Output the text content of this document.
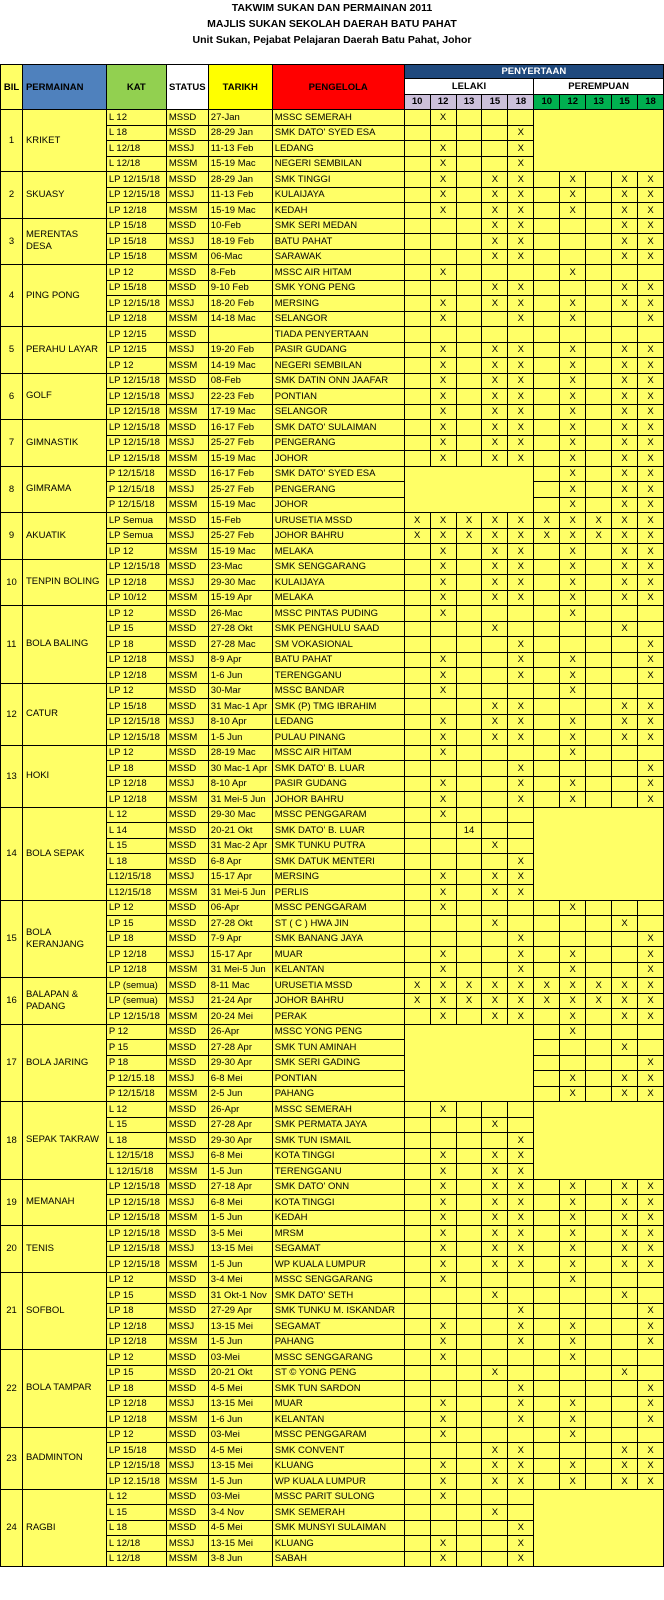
TAKWIM SUKAN DAN PERMAINAN 2011
MAJLIS SUKAN SEKOLAH DAERAH BATU PAHAT
Unit Sukan, Pejabat Pelajaran Daerah Batu Pahat, Johor
BIL	PERMAINAN	KAT	STATUS	TARIKH	PENGELOLA	PENYERTAAN									
						LELAKI					PEREMPUAN				
						10	12	13	15	18	10	12	13	15	18
1	KRIKET	L 12	MSSD	27-Jan	MSSC SEMERAH		X								
		L 18	MSSD	28-29 Jan	SMK DATO' SYED ESA					X					
		L 12/18	MSSJ	11-13 Feb	LEDANG		X			X					
		L 12/18	MSSM	15-19 Mac	NEGERI SEMBILAN		X			X					
2	SKUASY	LP 12/15/18	MSSD	28-29 Jan	SMK TINGGI		X		X	X		X		X	X
		LP 12/15/18	MSSJ	11-13 Feb	KULAIJAYA		X		X	X		X		X	X
		LP 12/18	MSSM	15-19 Mac	KEDAH		X		X	X		X		X	X
3	MERENTAS DESA	LP 15/18	MSSD	10-Feb	SMK SERI MEDAN				X	X				X	X
		LP 15/18	MSSJ	18-19 Feb	BATU PAHAT				X	X				X	X
		LP 15/18	MSSM	06-Mac	SARAWAK				X	X				X	X
4	PING PONG	LP 12	MSSD	8-Feb	MSSC AIR HITAM		X					X			
		LP 15/18	MSSD	9-10 Feb	SMK YONG PENG				X	X				X	X
		LP 12/15/18	MSSJ	18-20 Feb	MERSING		X		X	X		X		X	X
		LP 12/18	MSSM	14-18 Mac	SELANGOR		X			X		X			X
5	PERAHU LAYAR	LP 12/15	MSSD		TIADA PENYERTAAN										
		LP 12/15	MSSJ	19-20 Feb	PASIR GUDANG		X		X	X		X		X	X
		LP 12	MSSM	14-19 Mac	NEGERI SEMBILAN		X		X	X		X		X	X
6	GOLF	LP 12/15/18	MSSD	08-Feb	SMK DATIN ONN JAAFAR		X		X	X		X		X	X
		LP 12/15/18	MSSJ	22-23 Feb	PONTIAN		X		X	X		X		X	X
		LP 12/15/18	MSSM	17-19 Mac	SELANGOR		X		X	X		X		X	X
7	GIMNASTIK	LP 12/15/18	MSSD	16-17 Feb	SMK DATO' SULAIMAN		X		X	X		X		X	X
		LP 12/15/18	MSSJ	25-27 Feb	PENGERANG		X		X	X		X		X	X
		LP 12/15/18	MSSM	15-19 Mac	JOHOR		X		X	X		X		X	X
8	GIMRAMA	P 12/15/18	MSSD	16-17 Feb	SMK DATO' SYED ESA							X		X	X
		P 12/15/18	MSSJ	25-27 Feb	PENGERANG							X		X	X
		P 12/15/18	MSSM	15-19 Mac	JOHOR							X		X	X
9	AKUATIK	LP Semua	MSSD	15-Feb	URUSETIA MSSD	X	X	X	X	X	X	X	X	X	X
		LP Semua	MSSJ	25-27 Feb	JOHOR BAHRU	X	X	X	X	X	X	X	X	X	X
		LP 12	MSSM	15-19 Mac	MELAKA		X		X	X		X		X	X
10	TENPIN BOLING	LP 12/15/18	MSSD	23-Mac	SMK SENGGARANG		X		X	X		X		X	X
		LP 12/18	MSSJ	29-30 Mac	KULAIJAYA		X		X	X		X		X	X
		LP 10/12	MSSM	15-19 Apr	MELAKA		X		X	X		X		X	X
11	BOLA BALING	LP 12	MSSD	26-Mac	MSSC PINTAS PUDING		X					X			
		LP 15	MSSD	27-28 Okt	SMK PENGHULU SAAD				X					X	
		LP 18	MSSD	27-28 Mac	SM VOKASIONAL					X					X
		LP 12/18	MSSJ	8-9 Apr	BATU PAHAT		X			X		X			X
		LP 12/18	MSSM	1-6 Jun	TERENGGANU		X			X		X			X
12	CATUR	LP 12	MSSD	30-Mar	MSSC BANDAR		X					X			
		LP 15/18	MSSD	31 Mac-1 Apr	SMK (P) TMG IBRAHIM				X	X				X	X
		LP 12/15/18	MSSJ	8-10 Apr	LEDANG		X		X	X		X		X	X
		LP 12/15/18	MSSM	1-5 Jun	PULAU PINANG		X		X	X		X		X	X
13	HOKI	LP 12	MSSD	28-19 Mac	MSSC AIR HITAM		X					X			
		LP 18	MSSD	30 Mac-1 Apr	SMK DATO' B. LUAR					X					X
		LP 12/18	MSSJ	8-10 Apr	PASIR GUDANG		X			X		X			X
		LP 12/18	MSSM	31 Mei-5 Jun	JOHOR BAHRU		X			X		X			X
14	BOLA SEPAK	L 12	MSSD	29-30 Mac	MSSC PENGGARAM		X								
		L 14	MSSD	20-21 Okt	SMK DATO' B. LUAR			14							
		L 15	MSSD	31 Mac-2 Apr	SMK TUNKU PUTRA				X						
		L 18	MSSD	6-8 Apr	SMK DATUK MENTERI					X					
		L12/15/18	MSSJ	15-17 Apr	MERSING		X		X	X					
		L12/15/18	MSSM	31 Mei-5 Jun	PERLIS		X		X	X					
15	BOLA KERANJANG	LP 12	MSSD	06-Apr	MSSC PENGGARAM		X					X			
		LP 15	MSSD	27-28 Okt	ST ( C ) HWA JIN				X					X	
		LP 18	MSSD	7-9 Apr	SMK BANANG JAYA					X					X
		LP 12/18	MSSJ	15-17 Apr	MUAR		X			X		X			X
		LP 12/18	MSSM	31 Mei-5 Jun	KELANTAN		X			X		X			X
16	BALAPAN & PADANG	LP (semua)	MSSD	8-11 Mac	URUSETIA MSSD	X	X	X	X	X	X	X	X	X	X
		LP (semua)	MSSJ	21-24 Apr	JOHOR BAHRU	X	X	X	X	X	X	X	X	X	X
		LP 12/15/18	MSSM	20-24 Mei	PERAK		X		X	X		X		X	X
17	BOLA JARING	P 12	MSSD	26-Apr	MSSC YONG PENG							X			
		P 15	MSSD	27-28 Apr	SMK TUN AMINAH									X	
		P 18	MSSD	29-30 Apr	SMK SERI GADING										X
		P 12/15.18	MSSJ	6-8 Mei	PONTIAN							X		X	X
		P 12/15/18	MSSM	2-5 Jun	PAHANG							X		X	X
18	SEPAK TAKRAW	L 12	MSSD	26-Apr	MSSC SEMERAH		X								
		L 15	MSSD	27-28 Apr	SMK PERMATA JAYA				X						
		L 18	MSSD	29-30 Apr	SMK TUN ISMAIL					X					
		L 12/15/18	MSSJ	6-8 Mei	KOTA TINGGI		X		X	X					
		L 12/15/18	MSSM	1-5 Jun	TERENGGANU		X		X	X					
19	MEMANAH	LP 12/15/18	MSSD	27-18 Apr	SMK DATO' ONN		X		X	X		X		X	X
		LP 12/15/18	MSSJ	6-8 Mei	KOTA TINGGI		X		X	X		X		X	X
		LP 12/15/18	MSSM	1-5 Jun	KEDAH		X		X	X		X		X	X
20	TENIS	LP 12/15/18	MSSD	3-5 Mei	MRSM		X		X	X		X		X	X
		LP 12/15/18	MSSJ	13-15 Mei	SEGAMAT		X		X	X		X		X	X
		LP 12/15/18	MSSM	1-5 Jun	WP KUALA LUMPUR		X		X	X		X		X	X
21	SOFBOL	LP 12	MSSD	3-4 Mei	MSSC SENGGARANG		X					X			
		LP 15	MSSD	31 Okt-1 Nov	SMK DATO' SETH				X					X	
		LP 18	MSSD	27-29 Apr	SMK TUNKU M. ISKANDAR					X					X
		LP 12/18	MSSJ	13-15 Mei	SEGAMAT		X			X		X			X
		LP 12/18	MSSM	1-5 Jun	PAHANG		X			X		X			X
22	BOLA TAMPAR	LP 12	MSSD	03-Mei	MSSC SENGGARANG		X					X			
		LP 15	MSSD	20-21 Okt	ST © YONG PENG				X					X	
		LP 18	MSSD	4-5 Mei	SMK TUN SARDON					X					X
		LP 12/18	MSSJ	13-15 Mei	MUAR		X			X		X			X
		LP 12/18	MSSM	1-6 Jun	KELANTAN		X			X		X			X
23	BADMINTON	LP 12	MSSD	03-Mei	MSSC PENGGARAM		X					X			
		LP 15/18	MSSD	4-5 Mei	SMK CONVENT				X	X				X	X
		LP 12/15/18	MSSJ	13-15 Mei	KLUANG		X		X	X		X		X	X
		LP 12.15/18	MSSM	1-5 Jun	WP KUALA LUMPUR		X		X	X		X		X	X
24	RAGBI	L 12	MSSD	03-Mei	MSSC PARIT SULONG		X								
		L 15	MSSD	3-4 Nov	SMK SEMERAH				X						
		L 18	MSSD	4-5 Mei	SMK MUNSYI SULAIMAN					X					
		L 12/18	MSSJ	13-15 Mei	KLUANG		X			X					
		L 12/18	MSSM	3-8 Jun	SABAH		X			X					
